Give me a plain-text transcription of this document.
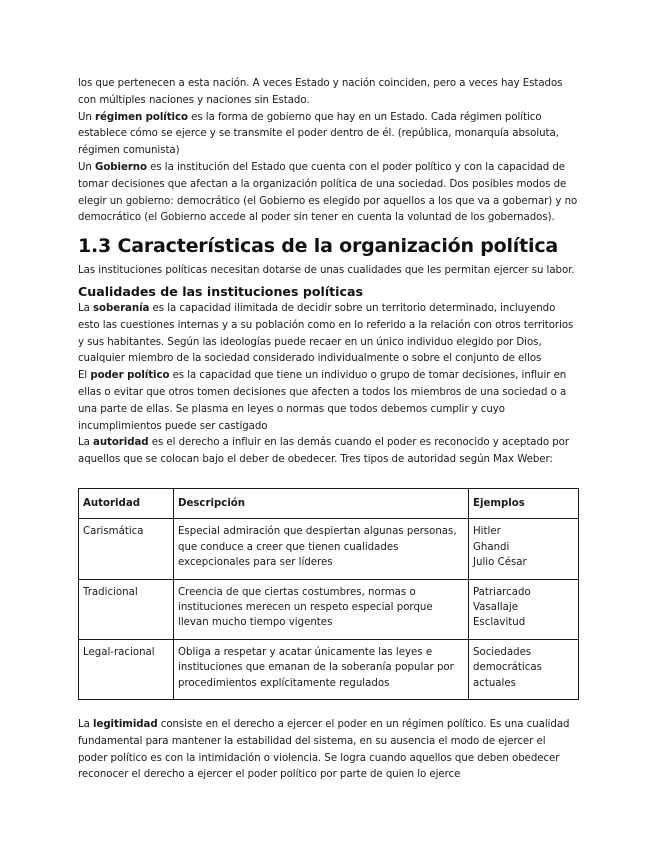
los que pertenecen a esta nación. A veces Estado y nación coinciden, pero a veces hay Estados con múltiples naciones y naciones sin Estado.

Un régimen político es la forma de gobierno que hay en un Estado. Cada régimen político establece cómo se ejerce y se transmite el poder dentro de él. (república, monarquía absoluta, régimen comunista)

Un Gobierno es la institución del Estado que cuenta con el poder político y con la capacidad de tomar decisiones que afectan a la organización política de una sociedad. Dos posibles modos de elegir un gobierno: democrático (el Gobierno es elegido por aquellos a los que va a gobernar) y no democrático (el Gobierno accede al poder sin tener en cuenta la voluntad de los gobernados).

1.3 Características de la organización política

Las instituciones políticas necesitan dotarse de unas cualidades que les permitan ejercer su labor.

Cualidades de las instituciones políticas

La soberanía es la capacidad ilimitada de decidir sobre un territorio determinado, incluyendo esto las cuestiones internas y a su población como en lo referido a la relación con otros territorios y sus habitantes. Según las ideologías puede recaer en un único individuo elegido por Dios, cualquier miembro de la sociedad considerado individualmente o sobre el conjunto de ellos

El poder político es la capacidad que tiene un individuo o grupo de tomar decisiones, influir en ellas o evitar que otros tomen decisiones que afecten a todos los miembros de una sociedad o a una parte de ellas. Se plasma en leyes o normas que todos debemos cumplir y cuyo incumplimientos puede ser castigado

La autoridad es el derecho a influir en las demás cuando el poder es reconocido y aceptado por aquellos que se colocan bajo el deber de obedecer. Tres tipos de autoridad según Max Weber:

Autoridad	Descripción	Ejemplos
Carismática	Especial admiración que despiertan algunas personas, que conduce a creer que tienen cualidades excepcionales para ser líderes	Hitler
Ghandi
Julio César

Tradicional	Creencia de que ciertas costumbres, normas o instituciones merecen un respeto especial porque llevan mucho tiempo vigentes	Patriarcado
Vasallaje
Esclavitud

Legal-racional	Obliga a respetar y acatar únicamente las leyes e instituciones que emanan de la soberanía popular por procedimientos explícitamente regulados	Sociedades
democráticas
actuales

La legitimidad consiste en el derecho a ejercer el poder en un régimen político. Es una cualidad fundamental para mantener la estabilidad del sistema, en su ausencia el modo de ejercer el poder político es con la intimidación o violencia. Se logra cuando aquellos que deben obedecer reconocer el derecho a ejercer el poder político por parte de quien lo ejerce
